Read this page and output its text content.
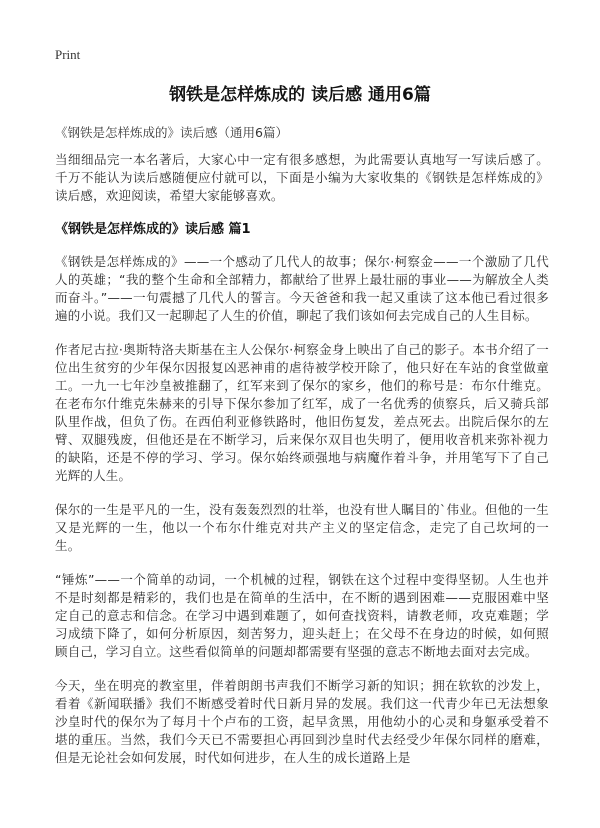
Print
钢铁是怎样炼成的 读后感 通用6篇
《钢铁是怎样炼成的》读后感（通用6篇）

当细细品完一本名著后，大家心中一定有很多感想，为此需要认真地写一写读后感了。千万不能认为读后感随便应付就可以，下面是小编为大家收集的《钢铁是怎样炼成的》读后感，欢迎阅读，希望大家能够喜欢。

《钢铁是怎样炼成的》读后感 篇1

《钢铁是怎样炼成的》——一个感动了几代人的故事；保尔·柯察金——一个激励了几代人的英雄；“我的整个生命和全部精力，都献给了世界上最壮丽的事业——为解放全人类而奋斗。”——一句震撼了几代人的誓言。今天爸爸和我一起又重读了这本他已看过很多遍的小说。我们又一起聊起了人生的价值，聊起了我们该如何去完成自己的人生目标。

作者尼古拉·奥斯特洛夫斯基在主人公保尔·柯察金身上映出了自己的影子。本书介绍了一位出生贫穷的少年保尔因报复凶恶神甫的虐待被学校开除了，他只好在车站的食堂做童工。一九一七年沙皇被推翻了，红军来到了保尔的家乡，他们的称号是：布尔什维克。在老布尔什维克朱赫来的引导下保尔参加了红军，成了一名优秀的侦察兵，后又骑兵部队里作战，但负了伤。在西伯利亚修铁路时，他旧伤复发，差点死去。出院后保尔的左臂、双腿残废，但他还是在不断学习，后来保尔双目也失明了，便用收音机来弥补视力的缺陷，还是不停的学习、学习。保尔始终顽强地与病魔作着斗争，并用笔写下了自己光辉的人生。

保尔的一生是平凡的一生，没有轰轰烈烈的壮举，也没有世人瞩目的`伟业。但他的一生又是光辉的一生，他以一个布尔什维克对共产主义的坚定信念，走完了自己坎坷的一生。

“锤炼”——一个简单的动词，一个机械的过程，钢铁在这个过程中变得坚韧。人生也并不是时刻都是精彩的，我们也是在简单的生活中，在不断的遇到困难——克服困难中坚定自己的意志和信念。在学习中遇到难题了，如何查找资料，请教老师，攻克难题；学习成绩下降了，如何分析原因，刻苦努力，迎头赶上；在父母不在身边的时候，如何照顾自己，学习自立。这些看似简单的问题却都需要有坚强的意志不断地去面对去完成。

今天，坐在明亮的教室里，伴着朗朗书声我们不断学习新的知识；拥在软软的沙发上，看着《新闻联播》我们不断感受着时代日新月异的发展。我们这一代青少年已无法想象沙皇时代的保尔为了每月十个卢布的工资，起早贪黑，用他幼小的心灵和身躯承受着不堪的重压。当然，我们今天已不需要担心再回到沙皇时代去经受少年保尔同样的磨难，但是无论社会如何发展，时代如何进步，在人生的成长道路上是
